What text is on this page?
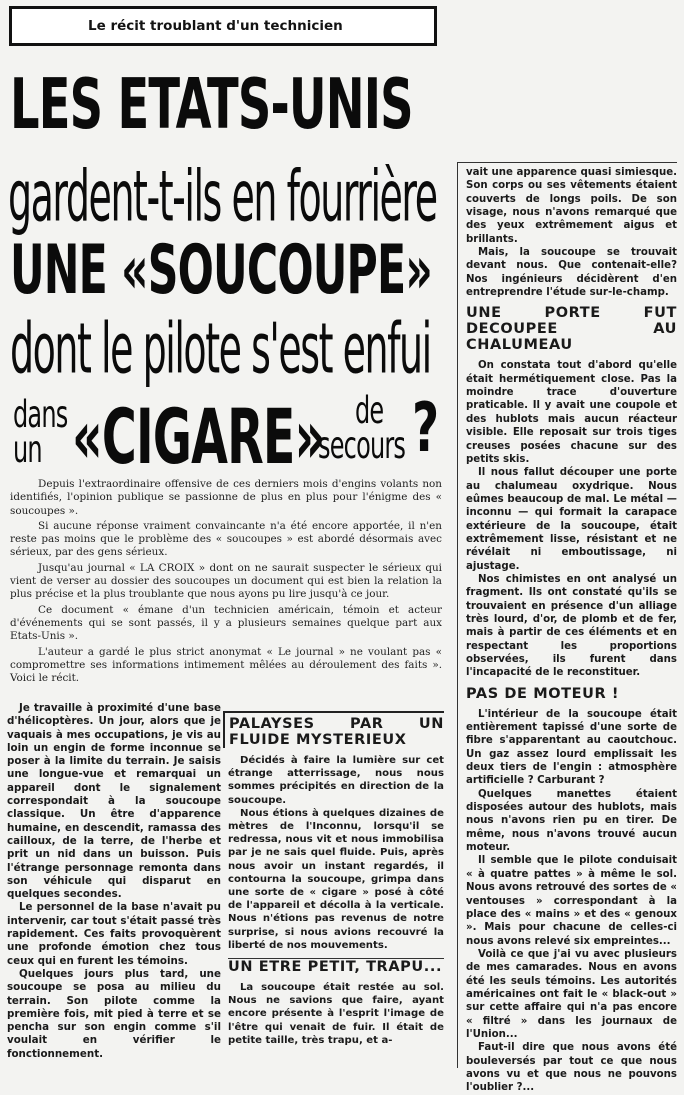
Le récit troublant d'un technicien
LES ETATS-UNIS
gardent-t-ils en fourrière
UNE «SOUCOUPE»
dont le pilote s'est enfui
dans
un «CIGARE» de
secours ?

Depuis l'extraordinaire offensive de ces derniers mois d'engins volants non identifiés, l'opinion publique se passionne de plus en plus pour l'énigme des « soucoupes ».

Si aucune réponse vraiment convaincante n'a été encore apportée, il n'en reste pas moins que le problème des « soucoupes » est abordé désormais avec sérieux, par des gens sérieux.

Jusqu'au journal « LA CROIX » dont on ne saurait suspecter le sérieux qui vient de verser au dossier des soucoupes un document qui est bien la relation la plus précise et la plus troublante que nous ayons pu lire jusqu'à ce jour.

Ce document « émane d'un technicien américain, témoin et acteur d'événements qui se sont passés, il y a plusieurs semaines quelque part aux Etats-Unis ».

L'auteur a gardé le plus strict anonymat « Le journal » ne voulant pas « compromettre ses informations intimement mêlées au déroulement des faits ». Voici le récit.

Je travaille à proximité d'une base d'hélicoptères. Un jour, alors que je vaquais à mes occupations, je vis au loin un engin de forme inconnue se poser à la limite du terrain. Je saisis une longue-vue et remarquai un appareil dont le signalement correspondait à la soucoupe classique. Un être d'apparence humaine, en descendit, ramassa des cailloux, de la terre, de l'herbe et prit un nid dans un buisson. Puis l'étrange personnage remonta dans son véhicule qui disparut en quelques secondes.

Le personnel de la base n'avait pu intervenir, car tout s'était passé très rapidement. Ces faits provoquèrent une profonde émotion chez tous ceux qui en furent les témoins.

Quelques jours plus tard, une soucoupe se posa au milieu du terrain. Son pilote comme la première fois, mit pied à terre et se pencha sur son engin comme s'il voulait en vérifier le fonctionnement.

PALAYSES PAR UN FLUIDE MYSTERIEUX

Décidés à faire la lumière sur cet étrange atterrissage, nous nous sommes précipités en direction de la soucoupe.

Nous étions à quelques dizaines de mètres de l'Inconnu, lorsqu'il se redressa, nous vit et nous immobilisa par je ne sais quel fluide. Puis, après nous avoir un instant regardés, il contourna la soucoupe, grimpa dans une sorte de « cigare » posé à côté de l'appareil et décolla à la verticale. Nous n'étions pas revenus de notre surprise, si nous avions recouvré la liberté de nos mouvements.

UN ETRE PETIT, TRAPU...

La soucoupe était restée au sol. Nous ne savions que faire, ayant encore présente à l'esprit l'image de l'être qui venait de fuir. Il était de petite taille, très trapu, et a-

vait une apparence quasi simiesque. Son corps ou ses vêtements étaient couverts de longs poils. De son visage, nous n'avons remarqué que des yeux extrêmement aigus et brillants.

Mais, la soucoupe se trouvait devant nous. Que contenait-elle? Nos ingénieurs décidèrent d'en entreprendre l'étude sur-le-champ.

UNE PORTE FUT DECOUPEE AU CHALUMEAU

On constata tout d'abord qu'elle était hermétiquement close. Pas la moindre trace d'ouverture praticable. Il y avait une coupole et des hublots mais aucun réacteur visible. Elle reposait sur trois tiges creuses posées chacune sur des petits skis.

Il nous fallut découper une porte au chalumeau oxydrique. Nous eûmes beaucoup de mal. Le métal — inconnu — qui formait la carapace extérieure de la soucoupe, était extrêmement lisse, résistant et ne révélait ni emboutissage, ni ajustage.

Nos chimistes en ont analysé un fragment. Ils ont constaté qu'ils se trouvaient en présence d'un alliage très lourd, d'or, de plomb et de fer, mais à partir de ces éléments et en respectant les proportions observées, ils furent dans l'incapacité de le reconstituer.

PAS DE MOTEUR !

L'intérieur de la soucoupe était entièrement tapissé d'une sorte de fibre s'apparentant au caoutchouc. Un gaz assez lourd emplissait les deux tiers de l'engin : atmosphère artificielle ? Carburant ?

Quelques manettes étaient disposées autour des hublots, mais nous n'avons rien pu en tirer. De même, nous n'avons trouvé aucun moteur.

Il semble que le pilote conduisait « à quatre pattes » à même le sol. Nous avons retrouvé des sortes de « ventouses » correspondant à la place des « mains » et des « genoux ». Mais pour chacune de celles-ci nous avons relevé six empreintes...

Voilà ce que j'ai vu avec plusieurs de mes camarades. Nous en avons été les seuls témoins. Les autorités américaines ont fait le « black-out » sur cette affaire qui n'a pas encore « filtré » dans les journaux de l'Union...

Faut-il dire que nous avons été bouleversés par tout ce que nous avons vu et que nous ne pouvons l'oublier ?...
